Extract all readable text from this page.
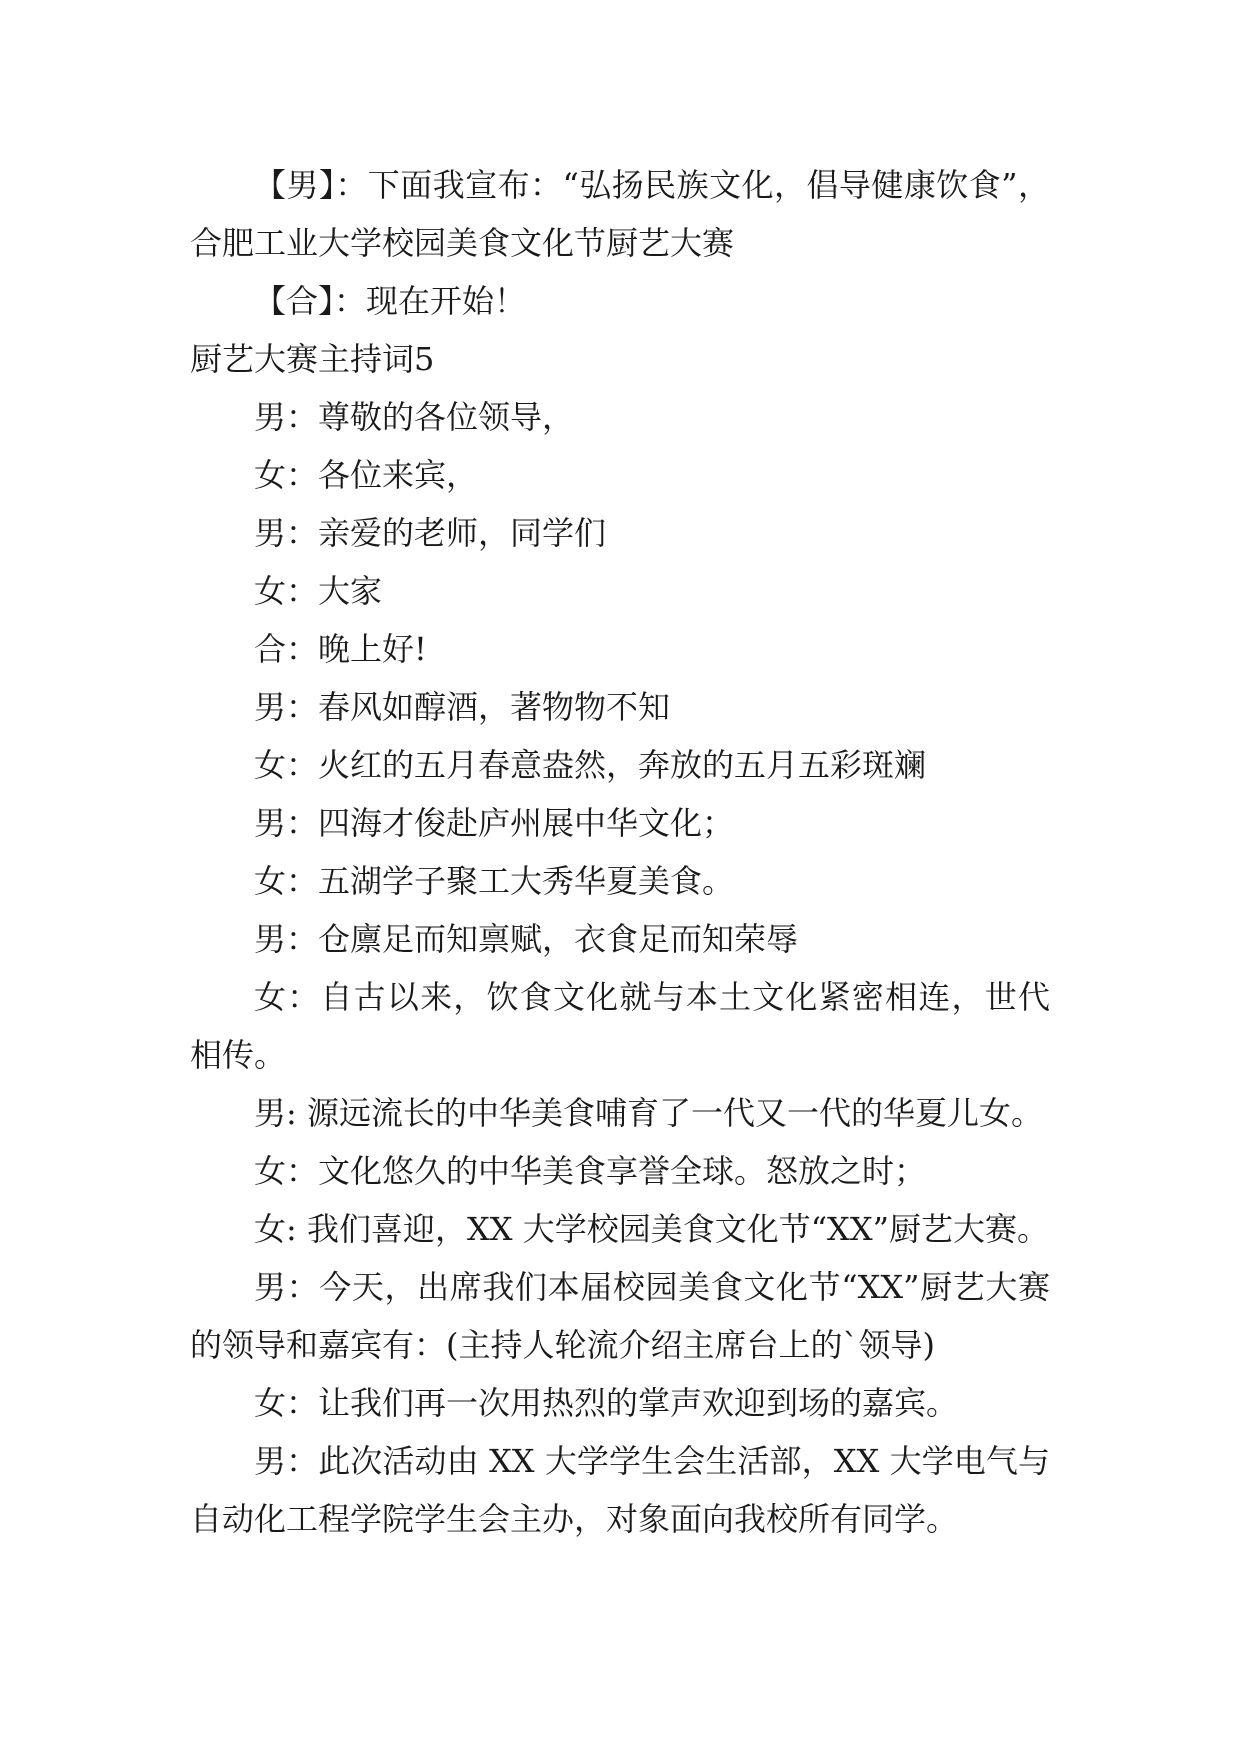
【男】：下面我宣布：“弘扬民族文化，倡导健康饮食”，合肥工业大学校园美食文化节厨艺大赛

【合】：现在开始！

厨艺大赛主持词5

男：尊敬的各位领导，

女：各位来宾，

男：亲爱的老师，同学们

女：大家

合：晚上好!

男：春风如醇酒，著物物不知

女：火红的五月春意盎然，奔放的五月五彩斑斓

男：四海才俊赴庐州展中华文化；

女：五湖学子聚工大秀华夏美食。

男：仓廪足而知禀赋，衣食足而知荣辱

女：自古以来，饮食文化就与本土文化紧密相连，世代相传。

男: 源远流长的中华美食哺育了一代又一代的华夏儿女。

女：文化悠久的中华美食享誉全球。怒放之时；

女: 我们喜迎，XX 大学校园美食文化节“XX”厨艺大赛。

男：今天，出席我们本届校园美食文化节“XX”厨艺大赛的领导和嘉宾有：(主持人轮流介绍主席台上的`领导)

女：让我们再一次用热烈的掌声欢迎到场的嘉宾。

男：此次活动由 XX 大学学生会生活部，XX 大学电气与自动化工程学院学生会主办，对象面向我校所有同学。
